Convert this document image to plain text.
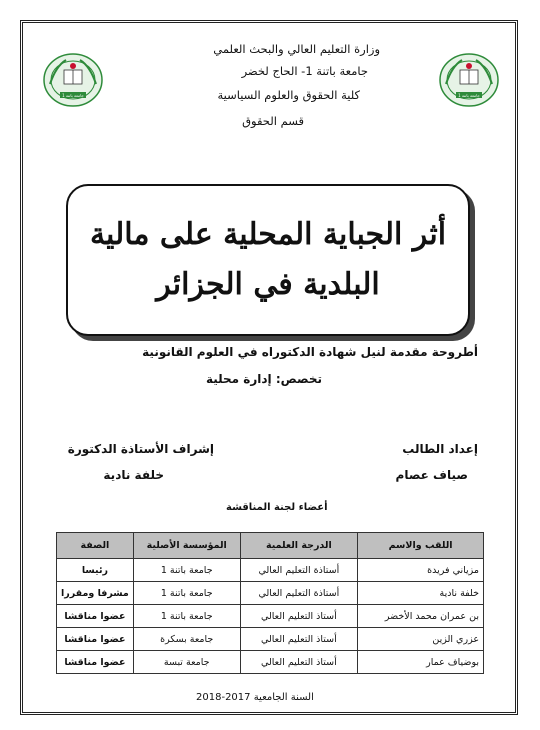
جامعة باتنة 1	جامعة باتنة 1
وزارة التعليم العالي والبحث العلمي
جامعة باتنة 1- الحاج لخضر
كلية الحقوق والعلوم السياسية
قسم الحقوق
أثر الجباية المحلية على مالية
البلدية في الجزائر
أطروحة مقدمة لنيل شهادة الدكتوراه في العلوم القانونية
تخصص: إدارة محلية
إعداد الطالب
صياف عصام
إشراف الأستاذة الدكتورة
خلفة نادية
أعضاء لجنة المناقشة
اللقب والاسم	الدرجة العلمية	المؤسسة الأصلية	الصفة
مزياني فريدة	أستاذة التعليم العالي	جامعة باتنة 1	رئيسا
خلفة نادية	أستاذة التعليم العالي	جامعة باتنة 1	مشرفا ومقررا
بن عمران محمد الأخضر	أستاذ التعليم العالي	جامعة باتنة 1	عضوا مناقشا
عزري الزين	أستاذ التعليم العالي	جامعة بسكرة	عضوا مناقشا
بوضياف عمار	أستاذ التعليم العالي	جامعة تبسة	عضوا مناقشا
السنة الجامعية 2017-2018
